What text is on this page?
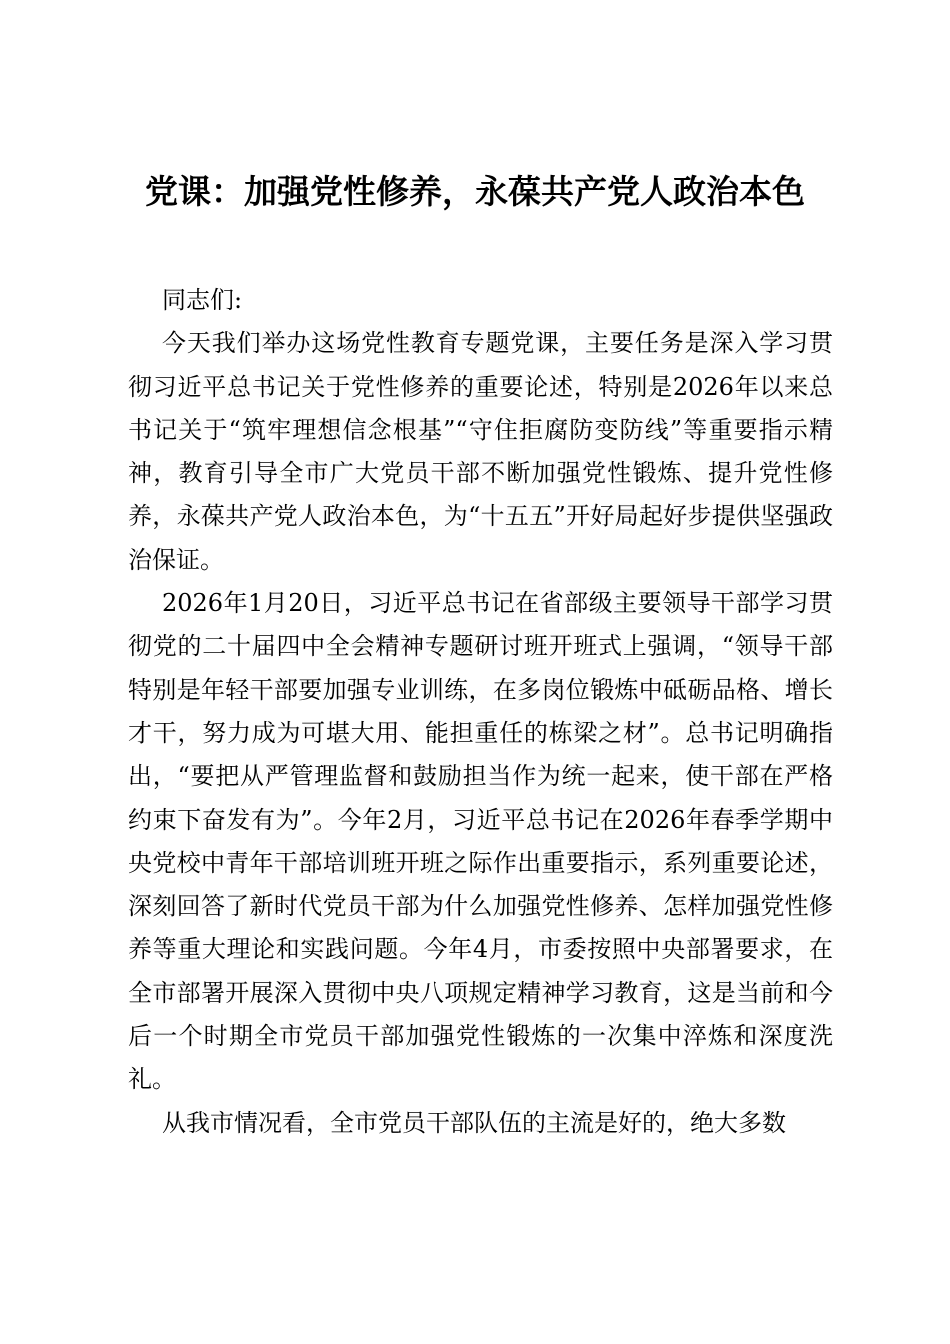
党课：加强党性修养，永葆共产党人政治本色

同志们:

今天我们举办这场党性教育专题党课，主要任务是深入学习贯彻习近平总书记关于党性修养的重要论述，特别是2026年以来总书记关于“筑牢理想信念根基”“守住拒腐防变防线”等重要指示精神，教育引导全市广大党员干部不断加强党性锻炼、提升党性修养，永葆共产党人政治本色，为“十五五”开好局起好步提供坚强政治保证。

2026年1月20日，习近平总书记在省部级主要领导干部学习贯彻党的二十届四中全会精神专题研讨班开班式上强调，“领导干部特别是年轻干部要加强专业训练，在多岗位锻炼中砥砺品格、增长才干，努力成为可堪大用、能担重任的栋梁之材”。总书记明确指出，“要把从严管理监督和鼓励担当作为统一起来，使干部在严格约束下奋发有为”。今年2月，习近平总书记在2026年春季学期中央党校中青年干部培训班开班之际作出重要指示，系列重要论述，深刻回答了新时代党员干部为什么加强党性修养、怎样加强党性修养等重大理论和实践问题。今年4月，市委按照中央部署要求，在全市部署开展深入贯彻中央八项规定精神学习教育，这是当前和今后一个时期全市党员干部加强党性锻炼的一次集中淬炼和深度洗礼。

从我市情况看，全市党员干部队伍的主流是好的，绝大多数
